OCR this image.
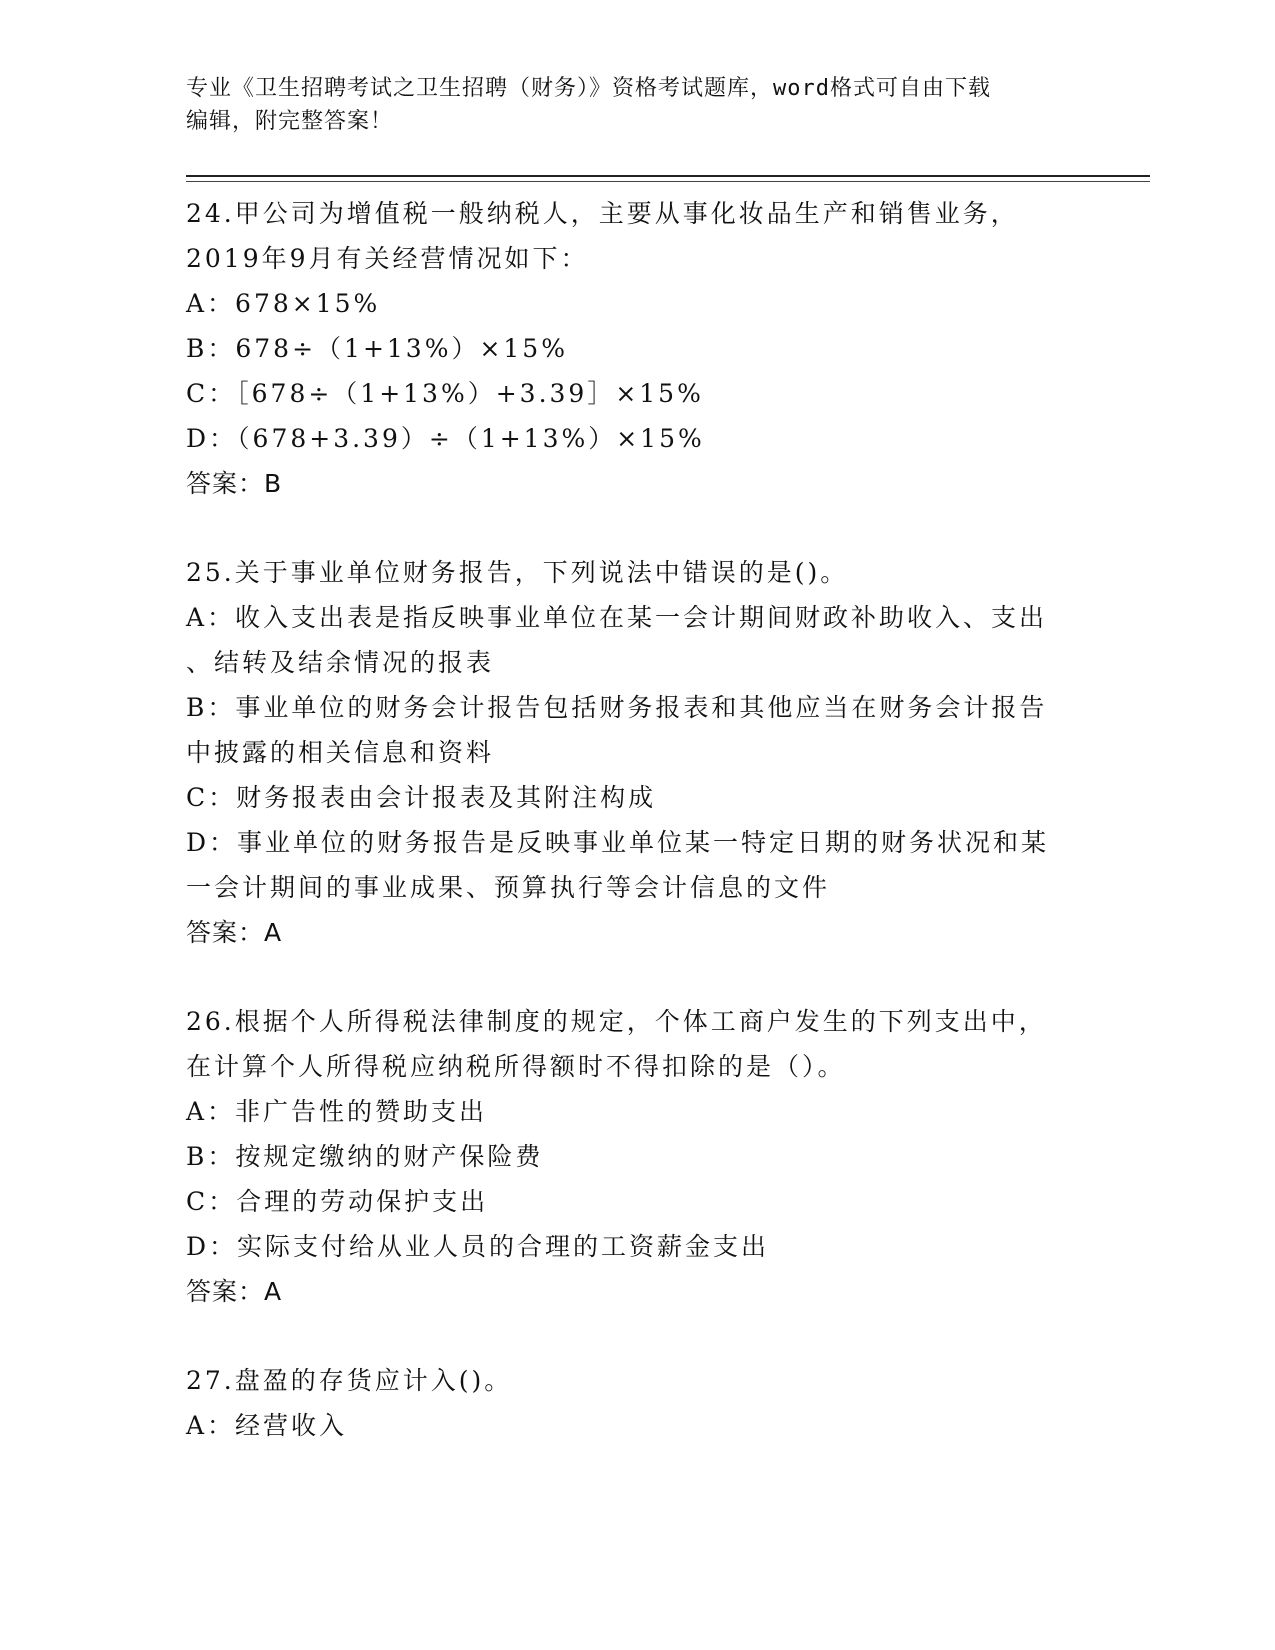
专业《卫生招聘考试之卫生招聘（财务）》资格考试题库，word格式可自由下载
编辑，附完整答案！
24.甲公司为增值税一般纳税人，主要从事化妆品生产和销售业务，
2019年9月有关经营情况如下：
A：678×15%
B：678÷（1+13%）×15%
C：［678÷（1+13%）+3.39］×15%
D：（678+3.39）÷（1+13%）×15%
答案：B
25.关于事业单位财务报告，下列说法中错误的是()。
A：收入支出表是指反映事业单位在某一会计期间财政补助收入、支出
、结转及结余情况的报表
B：事业单位的财务会计报告包括财务报表和其他应当在财务会计报告
中披露的相关信息和资料
C：财务报表由会计报表及其附注构成
D：事业单位的财务报告是反映事业单位某一特定日期的财务状况和某
一会计期间的事业成果、预算执行等会计信息的文件
答案：A
26.根据个人所得税法律制度的规定，个体工商户发生的下列支出中，
在计算个人所得税应纳税所得额时不得扣除的是（）。
A：非广告性的赞助支出
B：按规定缴纳的财产保险费
C：合理的劳动保护支出
D：实际支付给从业人员的合理的工资薪金支出
答案：A
27.盘盈的存货应计入()。
A：经营收入
